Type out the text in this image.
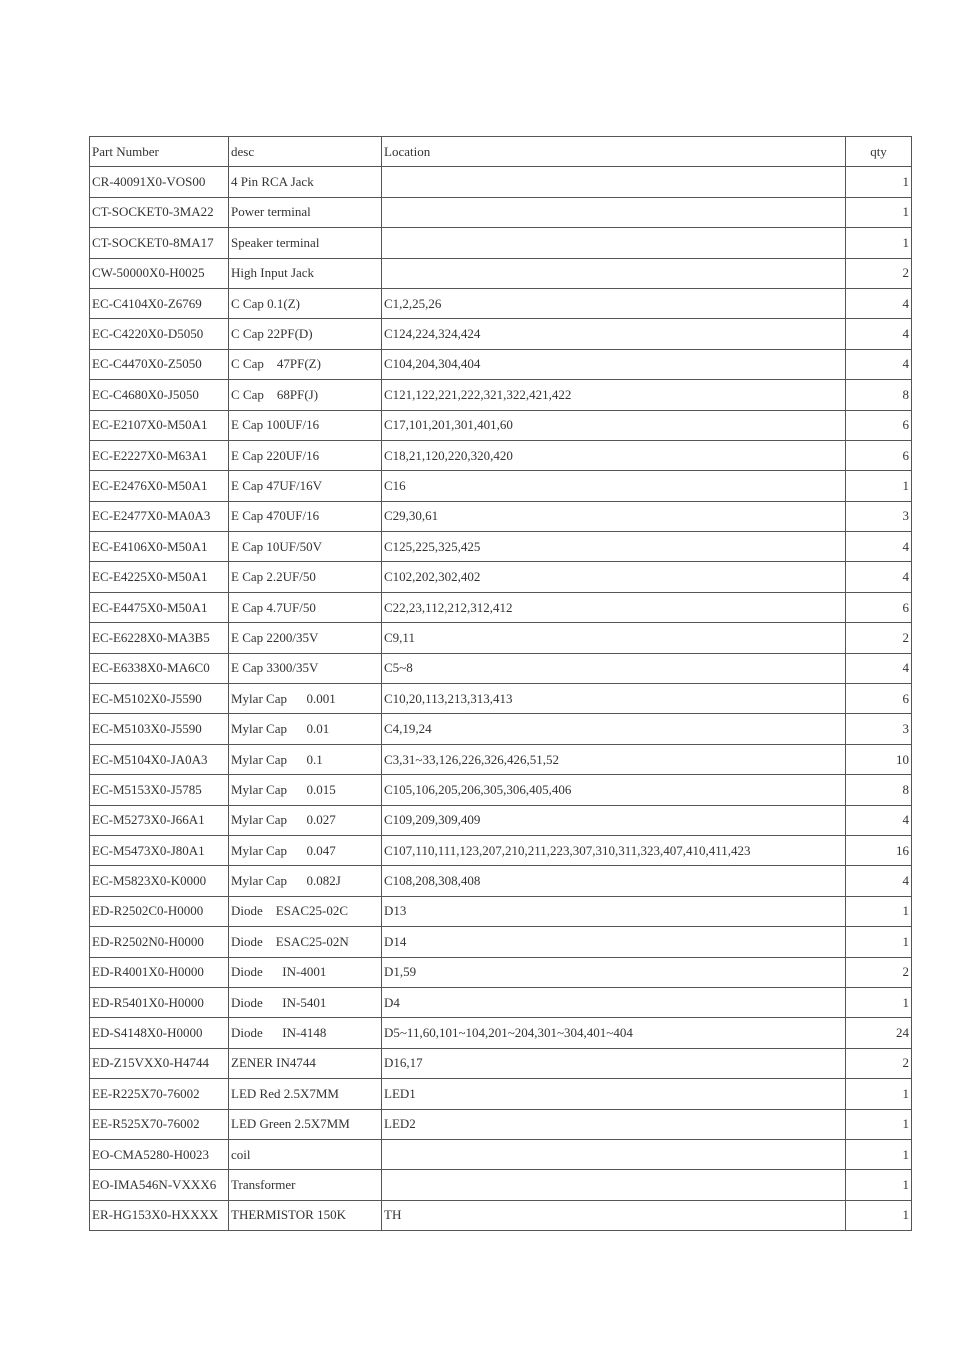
Part Number	desc	Location	qty
CR-40091X0-VOS00	4 Pin RCA Jack		1
CT-SOCKET0-3MA22	Power terminal		1
CT-SOCKET0-8MA17	Speaker terminal		1
CW-50000X0-H0025	High Input Jack		2
EC-C4104X0-Z6769	C Cap 0.1(Z)	C1,2,25,26	4
EC-C4220X0-D5050	C Cap 22PF(D)	C124,224,324,424	4
EC-C4470X0-Z5050	C Cap    47PF(Z)	C104,204,304,404	4
EC-C4680X0-J5050	C Cap    68PF(J)	C121,122,221,222,321,322,421,422	8
EC-E2107X0-M50A1	E Cap 100UF/16	C17,101,201,301,401,60	6
EC-E2227X0-M63A1	E Cap 220UF/16	C18,21,120,220,320,420	6
EC-E2476X0-M50A1	E Cap 47UF/16V	C16	1
EC-E2477X0-MA0A3	E Cap 470UF/16	C29,30,61	3
EC-E4106X0-M50A1	E Cap 10UF/50V	C125,225,325,425	4
EC-E4225X0-M50A1	E Cap 2.2UF/50	C102,202,302,402	4
EC-E4475X0-M50A1	E Cap 4.7UF/50	C22,23,112,212,312,412	6
EC-E6228X0-MA3B5	E Cap 2200/35V	C9,11	2
EC-E6338X0-MA6C0	E Cap 3300/35V	C5~8	4
EC-M5102X0-J5590	Mylar Cap      0.001	C10,20,113,213,313,413	6
EC-M5103X0-J5590	Mylar Cap      0.01	C4,19,24	3
EC-M5104X0-JA0A3	Mylar Cap      0.1	C3,31~33,126,226,326,426,51,52	10
EC-M5153X0-J5785	Mylar Cap      0.015	C105,106,205,206,305,306,405,406	8
EC-M5273X0-J66A1	Mylar Cap      0.027	C109,209,309,409	4
EC-M5473X0-J80A1	Mylar Cap      0.047	C107,110,111,123,207,210,211,223,307,310,311,323,407,410,411,423	16
EC-M5823X0-K0000	Mylar Cap      0.082J	C108,208,308,408	4
ED-R2502C0-H0000	Diode    ESAC25-02C	D13	1
ED-R2502N0-H0000	Diode    ESAC25-02N	D14	1
ED-R4001X0-H0000	Diode      IN-4001	D1,59	2
ED-R5401X0-H0000	Diode      IN-5401	D4	1
ED-S4148X0-H0000	Diode      IN-4148	D5~11,60,101~104,201~204,301~304,401~404	24
ED-Z15VXX0-H4744	ZENER IN4744	D16,17	2
EE-R225X70-76002	LED Red 2.5X7MM	LED1	1
EE-R525X70-76002	LED Green 2.5X7MM	LED2	1
EO-CMA5280-H0023	coil		1
EO-IMA546N-VXXX6	Transformer		1
ER-HG153X0-HXXXX	THERMISTOR 150K	TH	1
